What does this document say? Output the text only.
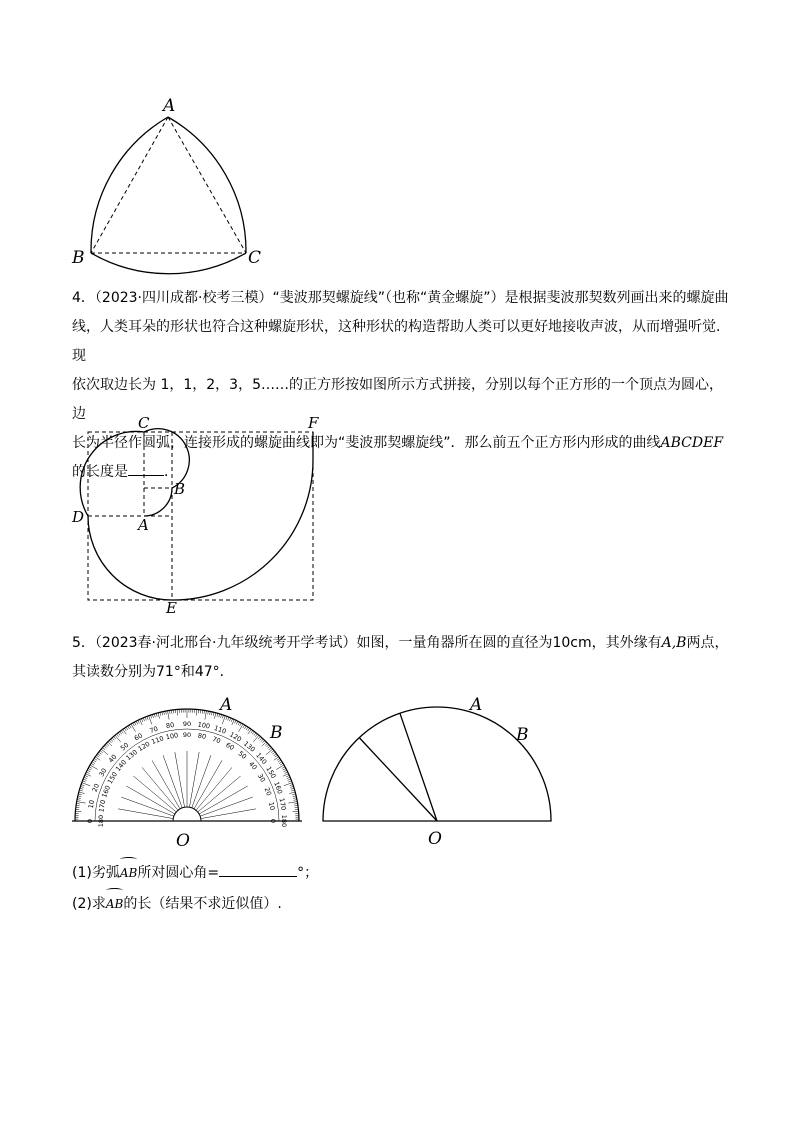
A
B	C

4．（2023·四川成都·校考三模）“斐波那契螺旋线”（也称“黄金螺旋”）是根据斐波那契数列画出来的螺旋曲
线，人类耳朵的形状也符合这种螺旋形状，这种形状的构造帮助人类可以更好地接收声波，从而增强听觉．现
依次取边长为 1，1，2，3，5……的正方形按如图所示方式拼接，分别以每个正方形的一个顶点为圆心，边
长为半径作圆弧，连接形成的螺旋曲线即为“斐波那契螺旋线”．那么前五个正方形内形成的曲线ABCDEF
的长度是	．

C
B
A
D
E
F

5．（2023春·河北邢台·九年级统考开学考试）如图，一量角器所在圆的直径为10cm，其外缘有A,B两点，
其读数分别为71°和47°．

0
10
20
30
40
50
60
70 80 90 100 110
120
130
140
150
160
170
180
180
170
160
150
140
130
120 110 100 90 80 70
60
50
40
30
20
10
0
A
B
O
A
B
O

(1)劣弧AB所对圆心角=	°；

(2)求AB的长（结果不求近似值）.
